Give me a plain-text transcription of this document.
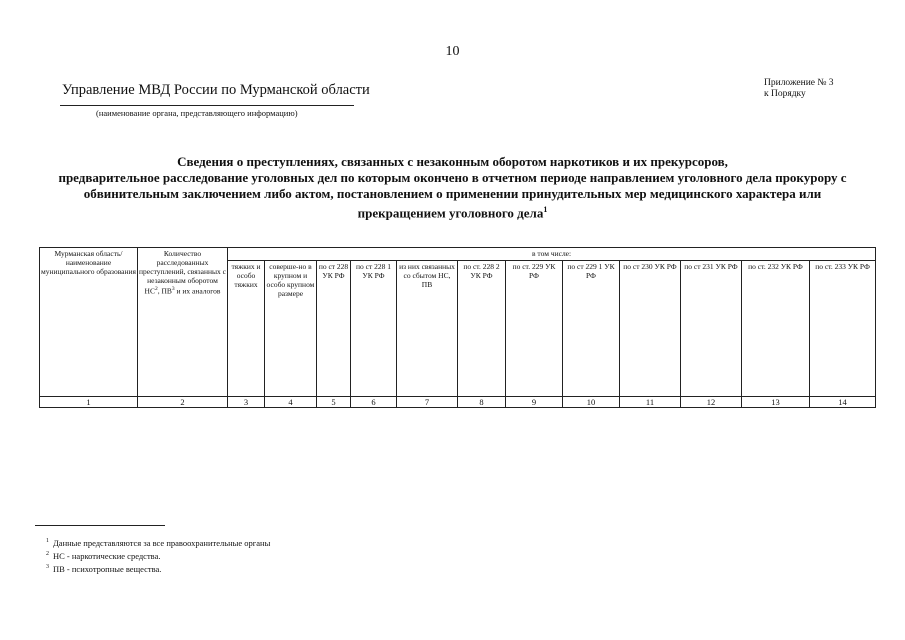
10
Управление МВД России по Мурманской области
(наименование органа, представляющего информацию)
Приложение № 3
к Порядку
Сведения о преступлениях, связанных с незаконным оборотом наркотиков и их прекурсоров,
предварительное расследование уголовных дел по которым окончено в отчетном периоде направлением уголовного дела прокурору с
обвинительным заключением либо актом, постановлением о применении принудительных мер медицинского характера или
прекращением уголовного дела$^1$
Мурманская область/ наименование муниципального образования	Количество расследованных преступлений, связанных с незаконным оборотом $НС^2$, $ПВ^3$ и их аналогов	в том числе:											
		тяжких и особо тяжких	соверше-но в крупном и особо крупном размере	по ст 228 УК РФ	по ст 228 1 УК РФ	из них связанных со сбытом НС, ПВ	по ст. 228 2 УК РФ	по ст. 229 УК РФ	по ст 229 1 УК РФ	по ст 230 УК РФ	по ст 231 УК РФ	по ст. 232 УК РФ	по ст. 233 УК РФ
1	2	3	4	5	6	7	8	9	10	11	12	13	14
$^1$ Данные представляются за все правоохранительные органы
$^2$ НС - наркотические средства.
$^3$ ПВ - психотропные вещества.
